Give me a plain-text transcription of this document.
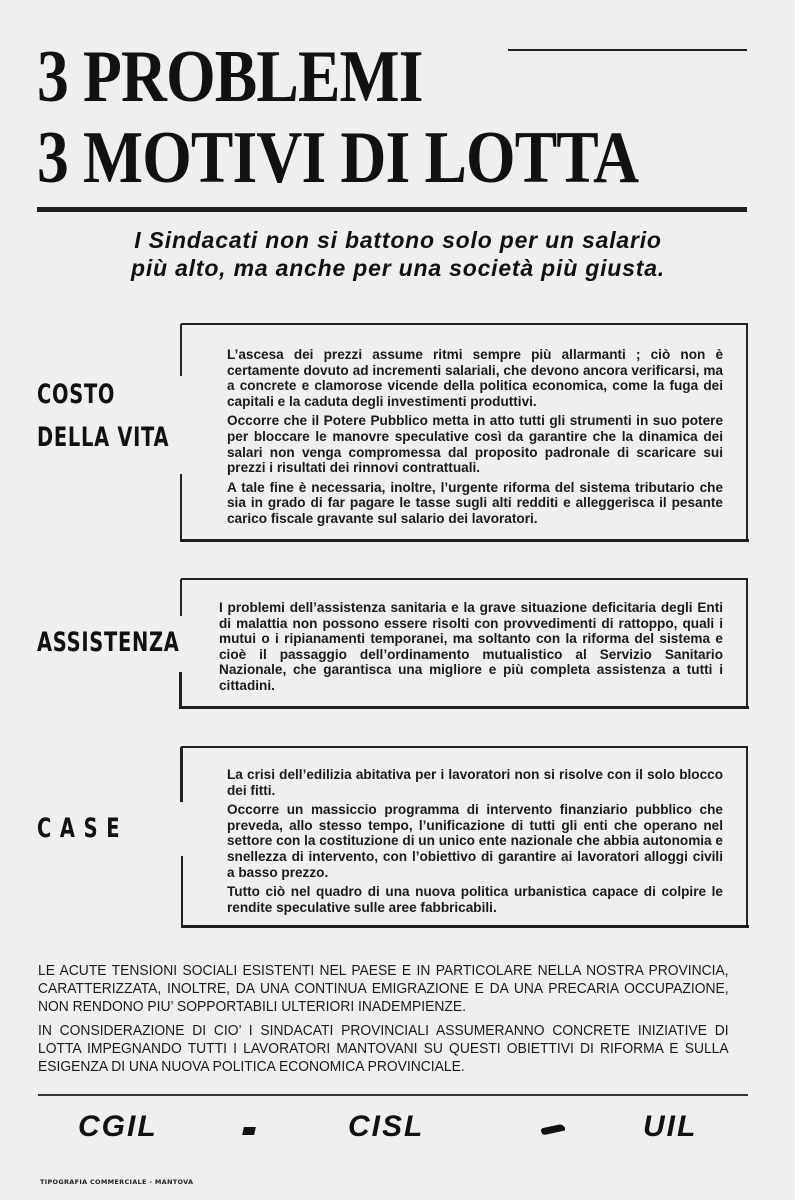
3 PROBLEMI
3 MOTIVI DI LOTTA
I Sindacati non si battono solo per un salario
più alto, ma anche per una società più giusta.
COSTO
DELLA VITA

L’ascesa dei prezzi assume ritmi sempre più allarmanti ; ciò non è certamente dovuto ad incrementi salariali, che devono ancora verificarsi, ma a concrete e clamorose vicende della politica economica, come la fuga dei capitali e la caduta degli investimenti produttivi.

Occorre che il Potere Pubblico metta in atto tutti gli strumenti in suo potere per bloccare le manovre speculative così da garantire che la dinamica dei salari non venga compromessa dal proposito padronale di scaricare sui prezzi i risultati dei rinnovi contrattuali.

A tale fine è necessaria, inoltre, l’urgente riforma del sistema tributario che sia in grado di far pagare le tasse sugli alti redditi e alleggerisca il pesante carico fiscale gravante sul salario dei lavoratori.

ASSISTENZA

I problemi dell’assistenza sanitaria e la grave situazione deficitaria degli Enti di malattia non possono essere risolti con provvedimenti di rattoppo, quali i mutui o i ripianamenti temporanei, ma soltanto con la riforma del sistema e cioè il passaggio dell’ordinamento mutualistico al Servizio Sanitario Nazionale, che garantisca una migliore e più completa assistenza a tutti i cittadini.

CASE

La crisi dell’edilizia abitativa per i lavoratori non si risolve con il solo blocco dei fitti.

Occorre un massiccio programma di intervento finanziario pubblico che preveda, allo stesso tempo, l’unificazione di tutti gli enti che operano nel settore con la costituzione di un unico ente nazionale che abbia autonomia e snellezza di intervento, con l’obiettivo di garantire ai lavoratori alloggi civili a basso prezzo.

Tutto ciò nel quadro di una nuova politica urbanistica capace di colpire le rendite speculative sulle aree fabbricabili.

LE ACUTE TENSIONI SOCIALI ESISTENTI NEL PAESE E IN PARTICOLARE NELLA NOSTRA PROVINCIA, CARATTERIZZATA, INOLTRE, DA UNA CONTINUA EMIGRAZIONE E DA UNA PRECARIA OCCUPAZIONE, NON RENDONO PIU’ SOPPORTABILI ULTERIORI INADEMPIENZE.

IN CONSIDERAZIONE DI CIO’ I SINDACATI PROVINCIALI ASSUMERANNO CONCRETE INIZIATIVE DI LOTTA IMPEGNANDO TUTTI I LAVORATORI MANTOVANI SU QUESTI OBIETTIVI DI RIFORMA E SULLA ESIGENZA DI UNA NUOVA POLITICA ECONOMICA PROVINCIALE.

CGIL	CISL	UIL
TIPOGRAFIA COMMERCIALE - MANTOVA
